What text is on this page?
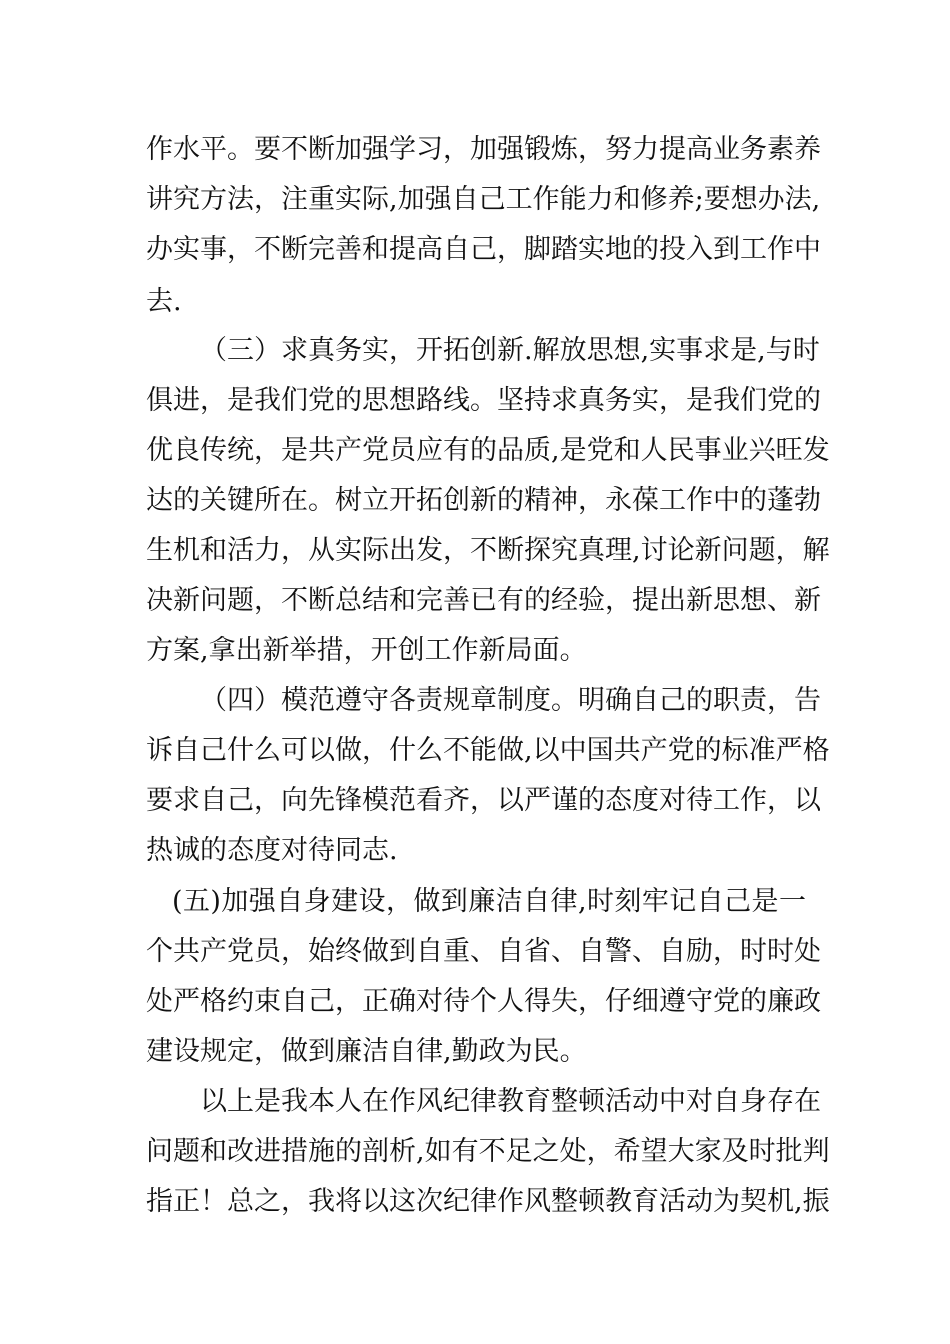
作水平。要不断加强学习，加强锻炼，努力提高业务素养
讲究方法，注重实际,加强自己工作能力和修养;要想办法,
办实事，不断完善和提高自己，脚踏实地的投入到工作中
去.
（三）求真务实，开拓创新.解放思想,实事求是,与时
俱进，是我们党的思想路线。坚持求真务实，是我们党的
优良传统，是共产党员应有的品质,是党和人民事业兴旺发
达的关键所在。树立开拓创新的精神，永葆工作中的蓬勃
生机和活力，从实际出发，不断探究真理,讨论新问题，解
决新问题，不断总结和完善已有的经验，提出新思想、新
方案,拿出新举措，开创工作新局面。
（四）模范遵守各责规章制度。明确自己的职责，告
诉自己什么可以做，什么不能做,以中国共产党的标准严格
要求自己，向先锋模范看齐，以严谨的态度对待工作，以
热诚的态度对待同志.
(五)加强自身建设，做到廉洁自律,时刻牢记自己是一
个共产党员，始终做到自重、自省、自警、自励，时时处
处严格约束自己，正确对待个人得失，仔细遵守党的廉政
建设规定，做到廉洁自律,勤政为民。
以上是我本人在作风纪律教育整顿活动中对自身存在
问题和改进措施的剖析,如有不足之处，希望大家及时批判
指正！总之，我将以这次纪律作风整顿教育活动为契机,振
